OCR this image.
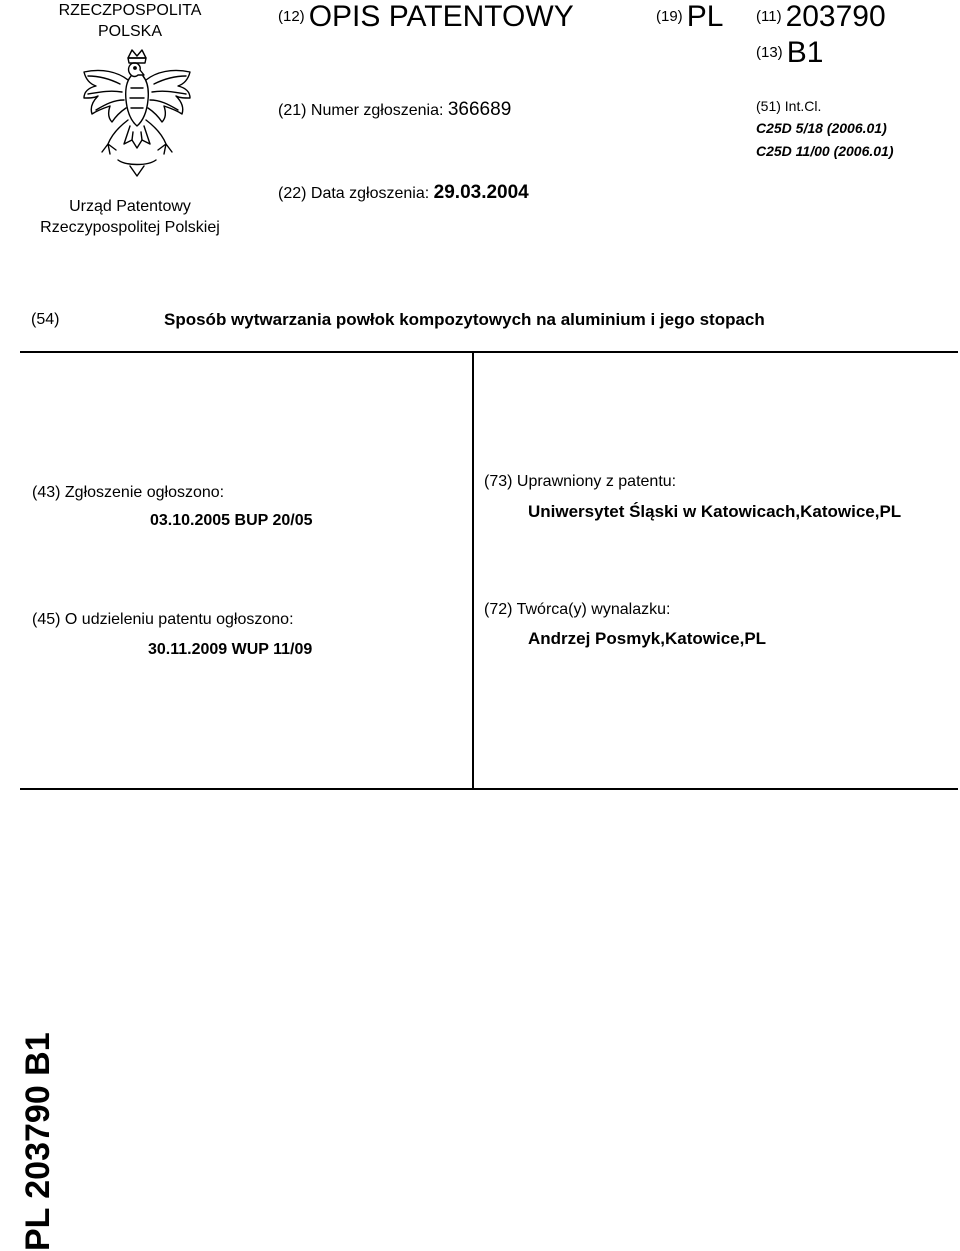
RZECZPOSPOLITA
POLSKA
Urząd Patentowy
Rzeczypospolitej Polskiej
(12) OPIS PATENTOWY	(19) PL (11) 203790
(13) B1
(21) Numer zgłoszenia: 366689	(51) Int.Cl.
C25D 5/18 (2006.01)
C25D 11/00 (2006.01)
(22) Data zgłoszenia: 29.03.2004
(54)	Sposób wytwarzania powłok kompozytowych na aluminium i jego stopach
(43) Zgłoszenie ogłoszono:
03.10.2005 BUP 20/05
(73) Uprawniony z patentu:
Uniwersytet Śląski w Katowicach,Katowice,PL
(45) O udzieleniu patentu ogłoszono:
30.11.2009 WUP 11/09
(72) Twórca(y) wynalazku:
Andrzej Posmyk,Katowice,PL
PL 203790 B1
